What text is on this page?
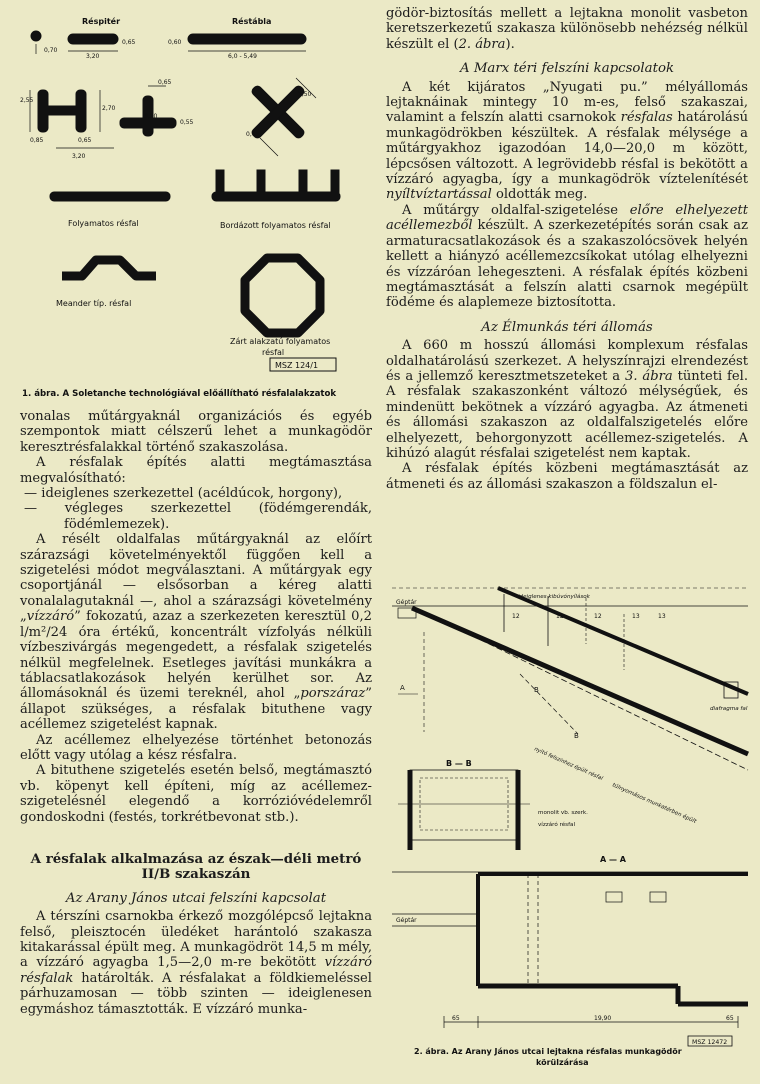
Réspitér	Réstábla
0,70
3,20
0,65	0,60
6,0 - 5,49
2,55
2,70
0,85	0,65
3,20
0,65
3,20
0,55
2,50
0,65
Folyamatos résfal	Bordázott folyamatos résfal
Meander típ. résfal
Zárt alakzatú folyamatos
résfal
MSZ 124/1
1. ábra. A Soletanche technológiával előállítható résfalalakzatok

vonalas műtárgyaknál organizációs és egyéb szempontok miatt célszerű lehet a munkagödör keresztrésfalakkal történő szakaszolása.

A résfalak építés alatti megtámasztása megvalósítható:

— ideiglenes szerkezettel (acéldúcok, horgony),

— végleges szerkezettel (födémgerendák, födémlemezek).

A résélt oldalfalas műtárgyaknál az előírt szárazsági követelményektől függően kell a szigetelési módot megválasztani. A műtárgyak egy csoportjánál — elsősorban a kéreg alatti vonalalagutaknál —, ahol a szárazsági követelmény „vízzáró” fokozatú, azaz a szerkezeten keresztül 0,2 l/m²/24 óra értékű, koncentrált vízfolyás nélküli vízbeszivárgás megengedett, a résfalak szigetelés nélkül megfelelnek. Esetleges javítási munkákra a táblacsatlakozások helyén kerülhet sor. Az állomásoknál és üzemi tereknél, ahol „porszáraz” állapot szükséges, a résfalak bituthene vagy acéllemez szigetelést kapnak.

Az acéllemez elhelyezése történhet betonozás előtt vagy utólag a kész résfalra.

A bituthene szigetelés esetén belső, megtámasztó vb. köpenyt kell építeni, míg az acéllemez-szigetelésnél elegendő a korrózióvédelemről gondoskodni (festés, torkrétbevonat stb.).

A résfalak alkalmazása az észak—déli metró

II/B szakaszán

Az Arany János utcai felszíni kapcsolat

A térszíni csarnokba érkező mozgólépcső lejtakna felső, pleisztocén üledéket harántoló szakasza kitakarással épült meg. A munkagödröt 14,5 m mély, a vízzáró agyagba 1,5—2,0 m-re bekötött vízzáró résfalak határolták. A résfalakat a földkiemeléssel párhuzamosan — több szinten — ideiglenesen egymáshoz támasztották. E vízzáró munka-

gödör-biztosítás mellett a lejtakna monolit vasbeton keretszerkezetű szakasza különösebb nehézség nélkül készült el (2. ábra).

A Marx téri felszíni kapcsolatok

A két kijáratos „Nyugati pu.” mélyállomás lejtaknáinak mintegy 10 m-es, felső szakaszai, valamint a felszín alatti csarnokok résfalas határolású munkagödrökben készültek. A résfalak mélysége a műtárgyakhoz igazodóan 14,0—20,0 m között, lépcsősen változott. A legrövidebb résfal is bekötött a vízzáró agyagba, így a munkagödrök víztelenítését nyíltvíztartással oldották meg.

A műtárgy oldalfal-szigetelése előre elhelyezett acéllemezből készült. A szerkezetépítés során csak az armaturacsatlakozások és a szakaszolócsövek helyén kellett a hiányzó acéllemezcsíkokat utólag elhelyezni és vízzáróan lehegeszteni. A résfalak építés közbeni megtámasztását a felszín alatti csarnok megépült födéme és alaplemeze biztosította.

Az Élmunkás téri állomás

A 660 m hosszú állomási komplexum résfalas oldalhatárolású szerkezet. A helyszínrajzi elrendezést és a jellemző keresztmetszeteket a 3. ábra tünteti fel. A résfalak szakaszonként változó mélységűek, és mindenütt bekötnek a vízzáró agyagba. Az átmeneti és állomási szakaszon az oldalfalszigetelés előre elhelyezett, behorgonyzott acéllemez-szigetelés. A kihúzó alagút résfalai szigetelést nem kaptak.

A résfalak építés közbeni megtámasztását az átmeneti és az állomási szakaszon a földszalun el-

Géptár
ideiglenes kibúvónyílások
12	12	12	13	13
B
B
A
diafragma fal
B — B	nyitó felszínhez épült résfal
túlnyomásos munkatérben épült
monolit vb. szerk.
vízzáró résfal
A — A
Géptár
65	19,90	65
MSZ 12472
2. ábra. Az Arany János utcai lejtakna résfalas munkagödör
körülzárása
